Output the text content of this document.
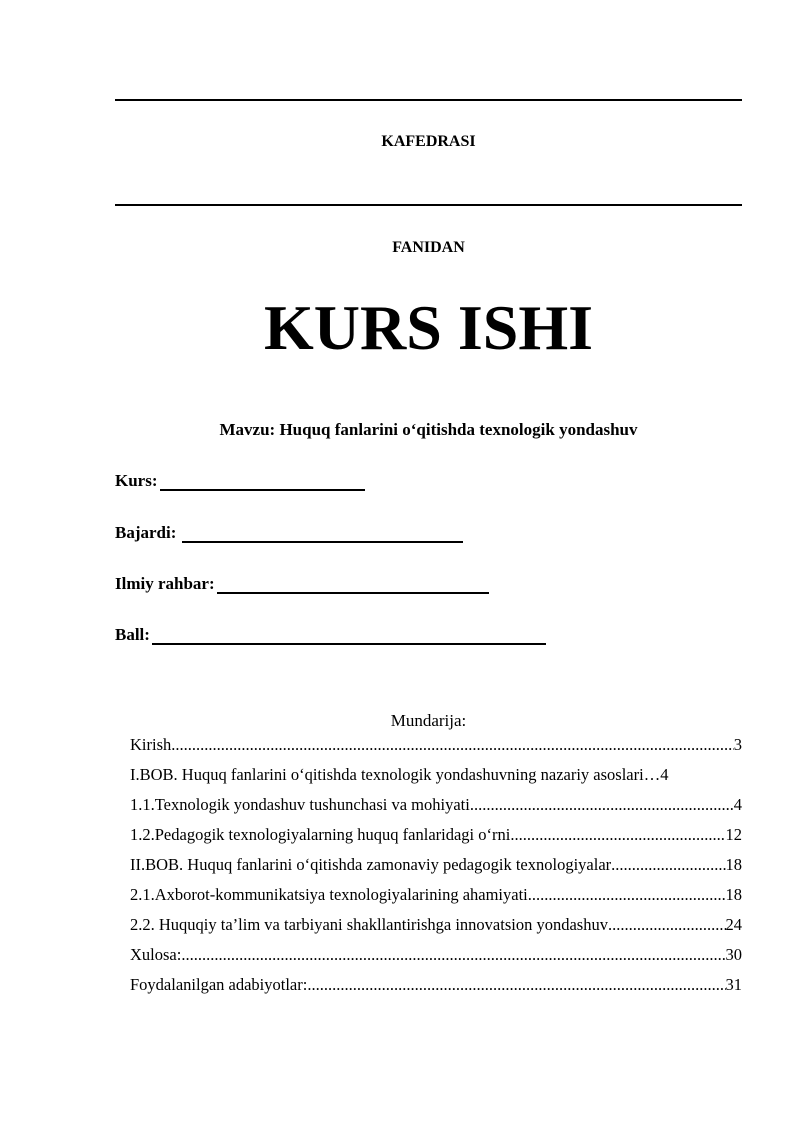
KAFEDRASI
FANIDAN
KURS ISHI
Mavzu: Huquq fanlarini o‘qitishda texnologik yondashuv
Kurs:
Bajardi:
Ilmiy rahbar:
Ball:
Mundarija:
Kirish .....	3
I.BOB. Huquq fanlarini o‘qitishda texnologik yondashuvning nazariy asoslari… 4
1.1.Texnologik yondashuv tushunchasi va mohiyati .....	4
1.2.Pedagogik texnologiyalarning huquq fanlaridagi o‘rni .....	12
II.BOB. Huquq fanlarini o‘qitishda zamonaviy pedagogik texnologiyalar .....	18
2.1.Axborot-kommunikatsiya texnologiyalarining ahamiyati .....	18
2.2. Huquqiy ta’lim va tarbiyani shakllantirishga innovatsion yondashuv .....	24
Xulosa: .....	30
Foydalanilgan adabiyotlar: .....	31
